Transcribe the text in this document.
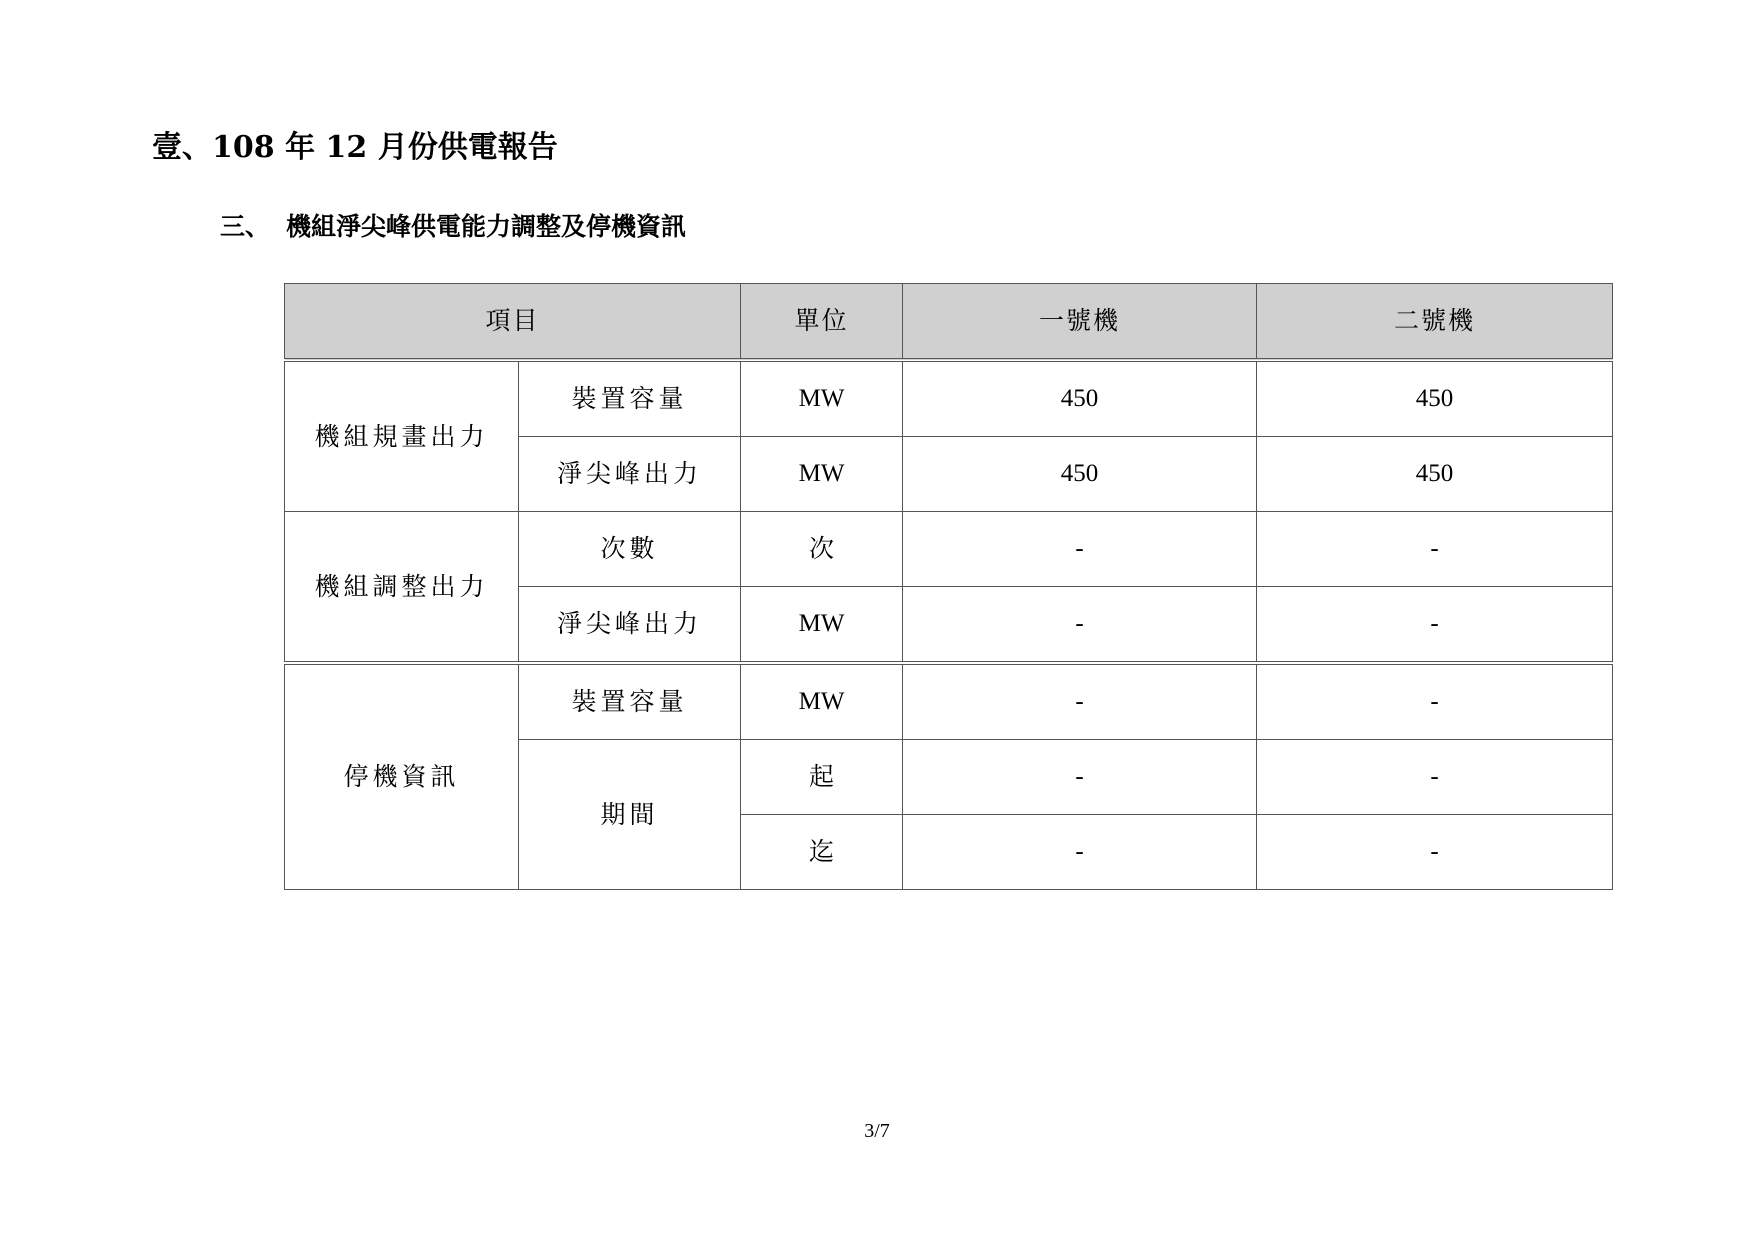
壹、108 年 12 月份供電報告
三、 機組淨尖峰供電能力調整及停機資訊
項目		單位	一號機	二號機
機組規畫出力	裝置容量	MW	450	450
	淨尖峰出力	MW	450	450
機組調整出力	次數	次	-	-
	淨尖峰出力	MW	-	-
停機資訊	裝置容量	MW	-	-
	期間	起	-	-
		迄	-	-
3/7
